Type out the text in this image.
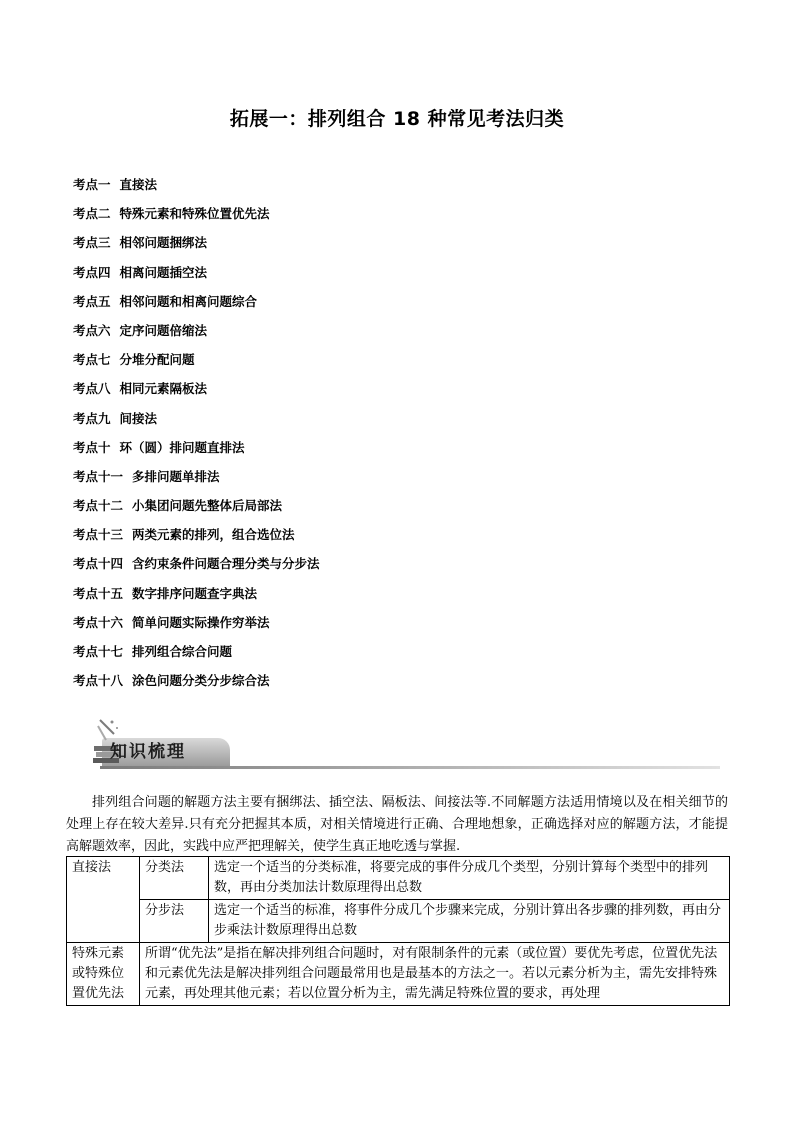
拓展一：排列组合 18 种常见考法归类
考点一 直接法
考点二 特殊元素和特殊位置优先法
考点三 相邻问题捆绑法
考点四 相离问题插空法
考点五 相邻问题和相离问题综合
考点六 定序问题倍缩法
考点七 分堆分配问题
考点八 相同元素隔板法
考点九 间接法
考点十 环（圆）排问题直排法
考点十一 多排问题单排法
考点十二 小集团问题先整体后局部法
考点十三 两类元素的排列，组合选位法
考点十四 含约束条件问题合理分类与分步法
考点十五 数字排序问题查字典法
考点十六 简单问题实际操作穷举法
考点十七 排列组合综合问题
考点十八 涂色问题分类分步综合法
知识梳理

排列组合问题的解题方法主要有捆绑法、插空法、隔板法、间接法等.不同解题方法适用情境以及在相关细节的处理上存在较大差异.只有充分把握其本质，对相关情境进行正确、合理地想象，正确选择对应的解题方法，才能提高解题效率，因此，实践中应严把理解关，使学生真正地吃透与掌握.

直接法	分类法	选定一个适当的分类标准，将要完成的事件分成几个类型，分别计算每个类型中的排列数，再由分类加法计数原理得出总数
	分步法	选定一个适当的标准，将事件分成几个步骤来完成，分别计算出各步骤的排列数，再由分步乘法计数原理得出总数
特殊元素或特殊位置优先法	所谓“优先法”是指在解决排列组合问题时，对有限制条件的元素（或位置）要优先考虑，位置优先法和元素优先法是解决排列组合问题最常用也是最基本的方法之一。若以元素分析为主，需先安排特殊元素，再处理其他元素；若以位置分析为主，需先满足特殊位置的要求，再处理	
